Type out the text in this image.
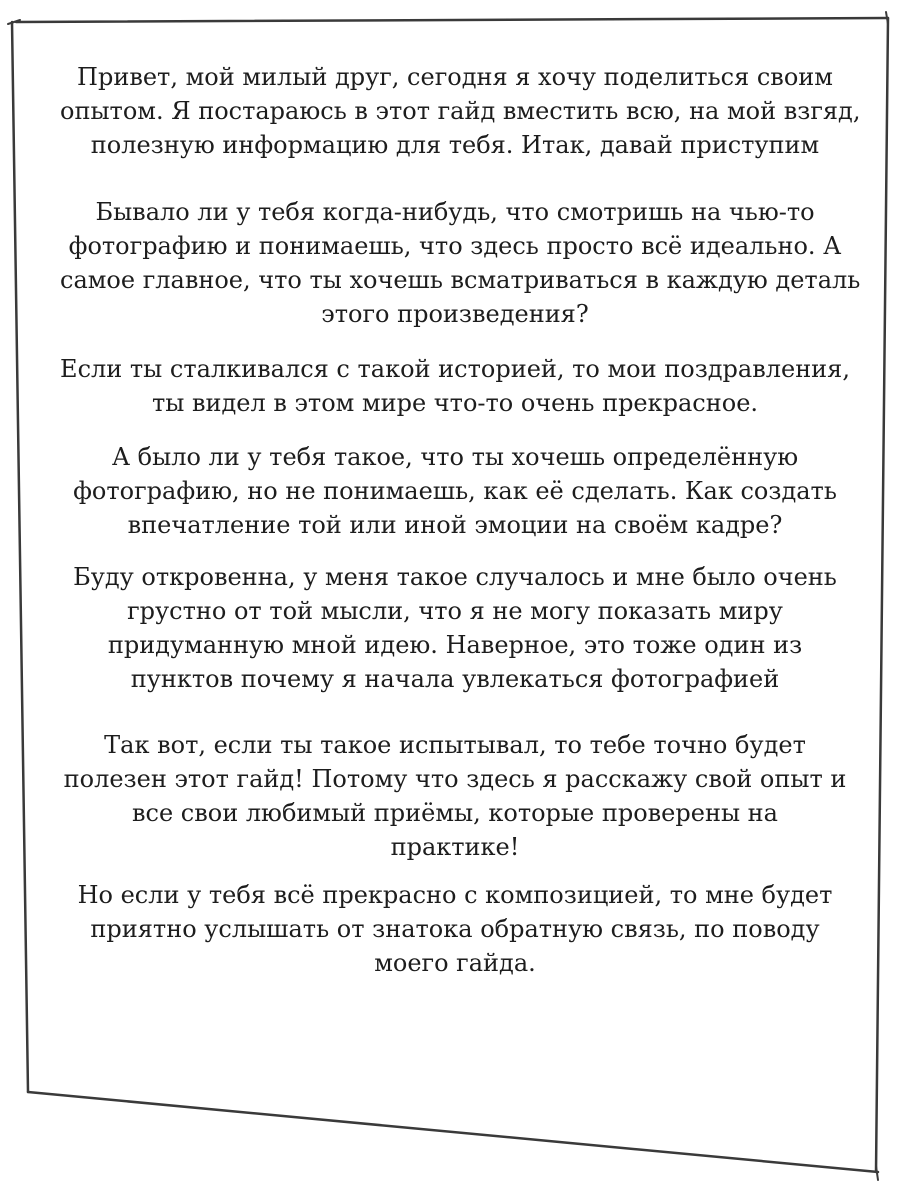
Привет, мой милый друг, сегодня я хочу поделиться своим
опытом. Я постараюсь в этот гайд вместить всю, на мой взгяд,
полезную информацию для тебя. Итак, давай приступим

Бывало ли у тебя когда-нибудь, что смотришь на чью-то
фотографию и понимаешь, что здесь просто всё идеально. А
самое главное, что ты хочешь всматриваться в каждую деталь
этого произведения?

Если ты сталкивался с такой историей, то мои поздравления,
ты видел в этом мире что-то очень прекрасное.

А было ли у тебя такое, что ты хочешь определённую
фотографию, но не понимаешь, как её сделать. Как создать
впечатление той или иной эмоции на своём кадре?

Буду откровенна, у меня такое случалось и мне было очень
грустно от той мысли, что я не могу показать миру
придуманную мной идею. Наверное, это тоже один из
пунктов почему я начала увлекаться фотографией

Так вот, если ты такое испытывал, то тебе точно будет
полезен этот гайд! Потому что здесь я расскажу свой опыт и
все свои любимый приёмы, которые проверены на
практике!

Но если у тебя всё прекрасно с композицией, то мне будет
приятно услышать от знатока обратную связь, по поводу
моего гайда.
